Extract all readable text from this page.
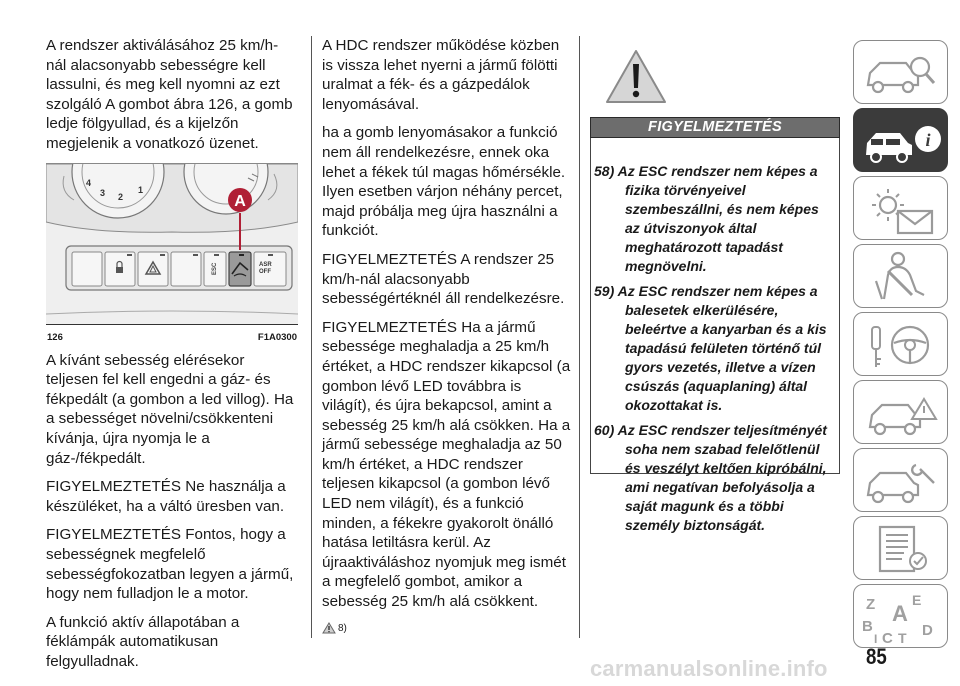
A rendszer aktiválásához 25 km/h-nál alacsonyabb sebességre kell lassulni, és meg kell nyomni az ezt szolgáló A gombot ábra 126, a gomb ledje fölgyullad, és a kijelzőn megjelenik a vonatkozó üzenet.

4
3 2
1
ESC	ASR
OFF
A
126	F1A0300

A kívánt sebesség elérésekor teljesen fel kell engedni a gáz- és fékpedált (a gombon a led villog). Ha a sebességet növelni/csökkenteni kívánja, újra nyomja le a gáz-/fékpedált.

FIGYELMEZTETÉS Ne használja a készüléket, ha a váltó üresben van.

FIGYELMEZTETÉS Fontos, hogy a sebességnek megfelelő sebességfokozatban legyen a jármű, hogy nem fulladjon le a motor.

A funkció aktív állapotában a féklámpák automatikusan felgyulladnak.

A HDC rendszer működése közben is vissza lehet nyerni a jármű fölötti uralmat a fék- és a gázpedálok lenyomásával.

ha a gomb lenyomásakor a funkció nem áll rendelkezésre, ennek oka lehet a fékek túl magas hőmérsékle. Ilyen esetben várjon néhány percet, majd próbálja meg újra használni a funkciót.

FIGYELMEZTETÉS A rendszer 25 km/h-nál alacsonyabb sebességértéknél áll rendelkezésre.

FIGYELMEZTETÉS Ha a jármű sebessége meghaladja a 25 km/h értéket, a HDC rendszer kikapcsol (a gombon lévő LED továbbra is világít), és újra bekapcsol, amint a sebesség 25 km/h alá csökken. Ha a jármű sebessége meghaladja az 50 km/h értéket, a HDC rendszer teljesen kikapcsol (a gombon lévő LED nem világít), és a funkció minden, a fékekre gyakorolt önálló hatása letiltásra kerül. Az újraaktiváláshoz nyomjuk meg ismét a megfelelő gombot, amikor a sebesség 25 km/h alá csökkent.

8)
FIGYELMEZTETÉS

58) Az ESC rendszer nem képes a fizika törvényeivel szembeszállni, és nem képes az útviszonyok által meghatározott tapadást megnövelni.

59) Az ESC rendszer nem képes a balesetek elkerülésére, beleértve a kanyarban és a kis tapadású felületen történő túl gyors vezetés, illetve a vízen csúszás (aquaplaning) által okozottakat is.

60) Az ESC rendszer teljesítményét soha nem szabad felelőtlenül és veszélyt keltően kipróbálni, ami negatívan befolyásolja a saját magunk és a többi személy biztonságát.

i
Z	E
A
B
C T D
I
85
carmanualsonline.info
